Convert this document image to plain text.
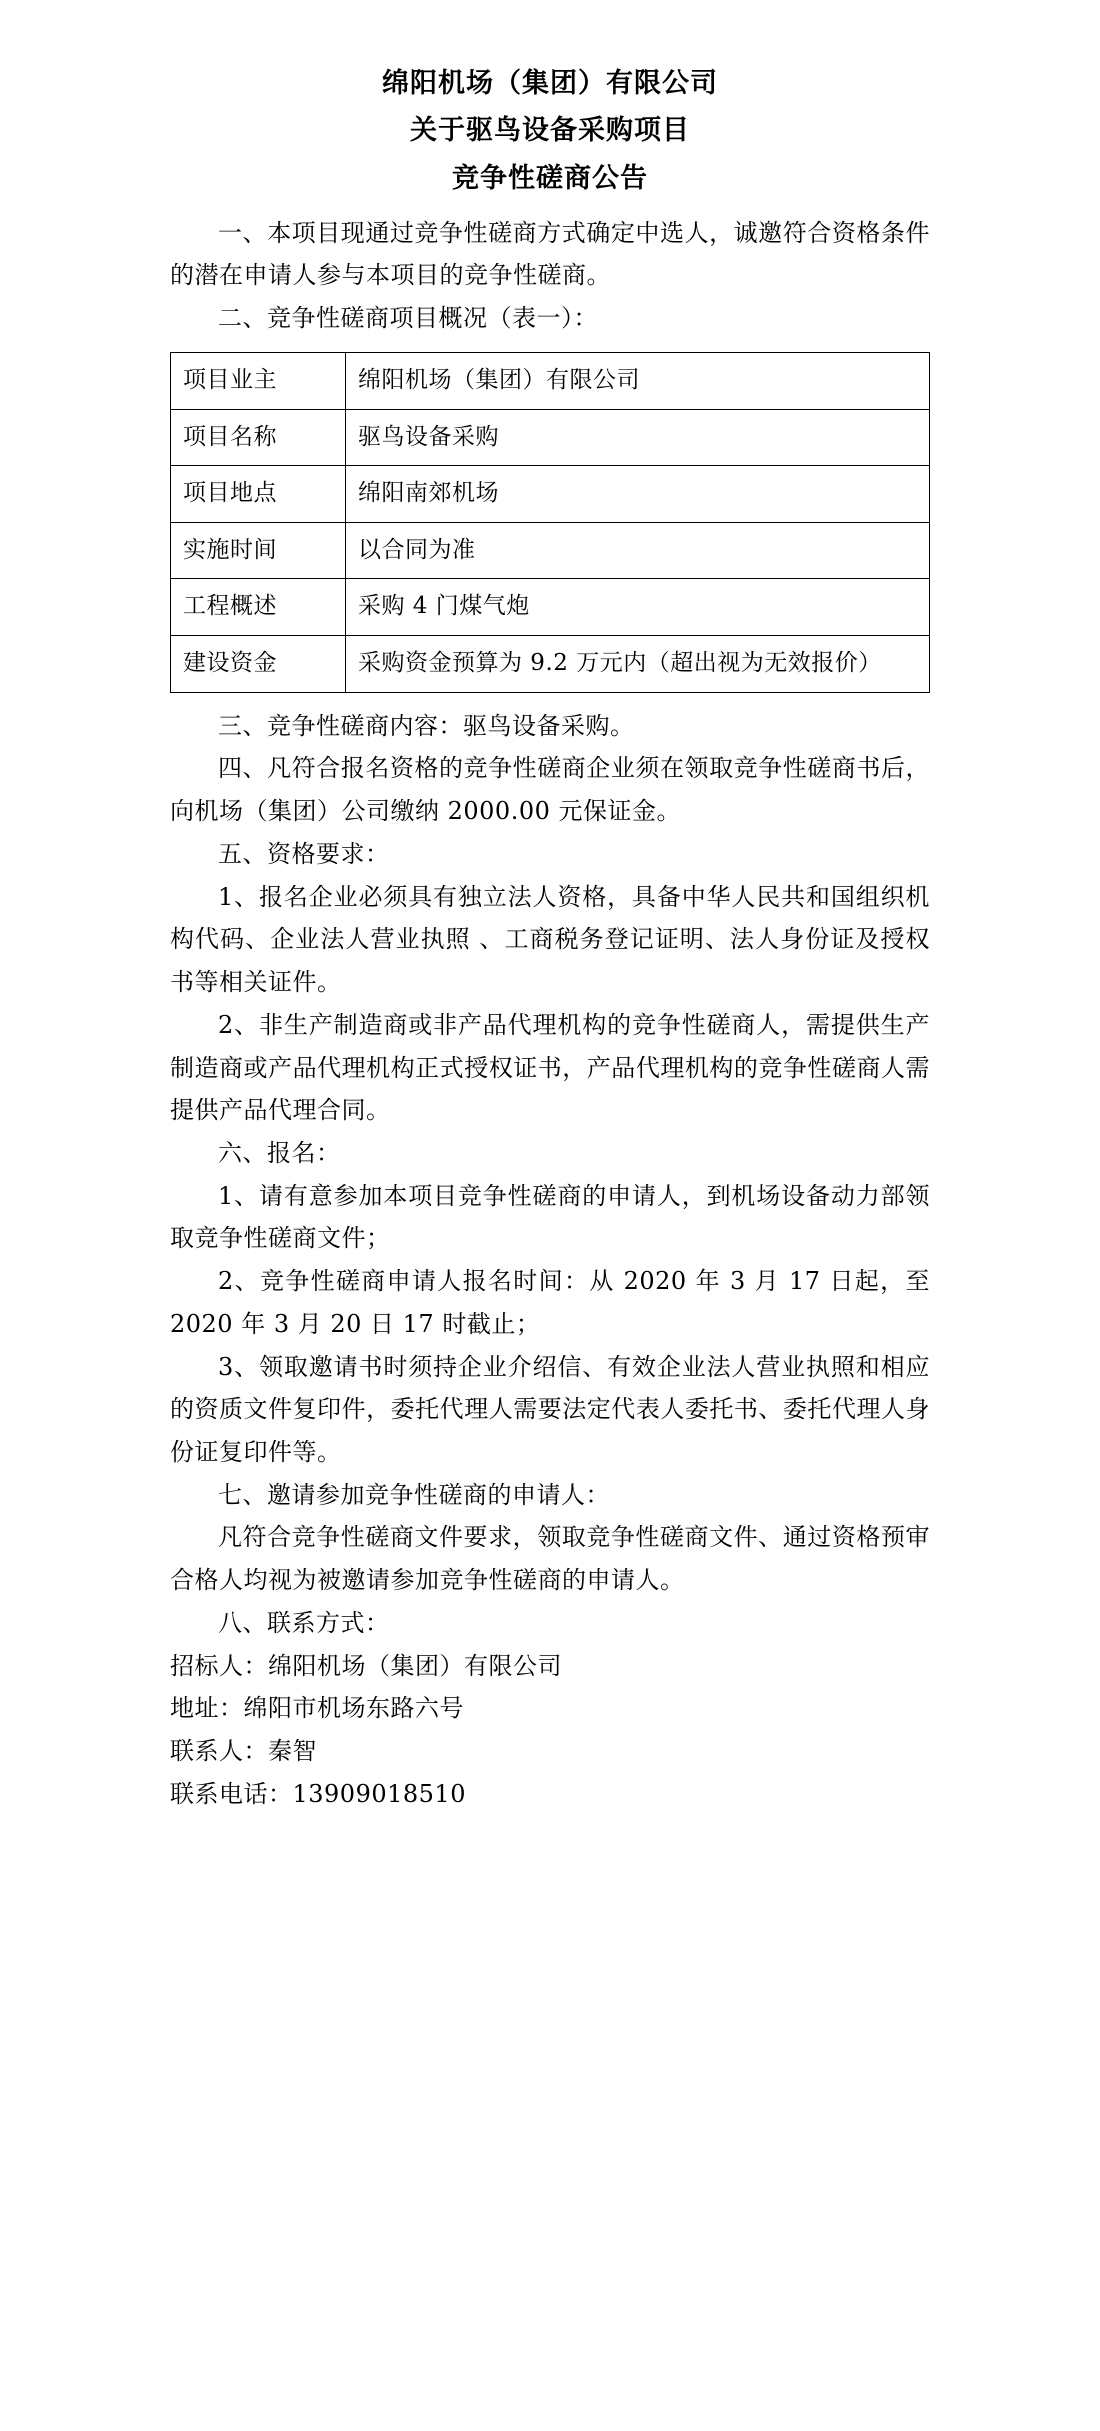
绵阳机场（集团）有限公司
关于驱鸟设备采购项目
竞争性磋商公告

一、本项目现通过竞争性磋商方式确定中选人，诚邀符合资格条件的潜在申请人参与本项目的竞争性磋商。

二、竞争性磋商项目概况（表一）：

项目业主	绵阳机场（集团）有限公司
项目名称	驱鸟设备采购
项目地点	绵阳南郊机场
实施时间	以合同为准
工程概述	采购 4 门煤气炮
建设资金	采购资金预算为 9.2 万元内（超出视为无效报价）

三、竞争性磋商内容：驱鸟设备采购。

四、凡符合报名资格的竞争性磋商企业须在领取竞争性磋商书后，向机场（集团）公司缴纳 2000.00 元保证金。

五、资格要求：

1、报名企业必须具有独立法人资格，具备中华人民共和国组织机构代码、企业法人营业执照 、工商税务登记证明、法人身份证及授权书等相关证件。

2、非生产制造商或非产品代理机构的竞争性磋商人，需提供生产制造商或产品代理机构正式授权证书，产品代理机构的竞争性磋商人需提供产品代理合同。

六、报名：

1、请有意参加本项目竞争性磋商的申请人，到机场设备动力部领取竞争性磋商文件；

2、竞争性磋商申请人报名时间：从 2020 年 3 月 17 日起，至 2020 年 3 月 20 日 17 时截止；

3、领取邀请书时须持企业介绍信、有效企业法人营业执照和相应的资质文件复印件，委托代理人需要法定代表人委托书、委托代理人身份证复印件等。

七、邀请参加竞争性磋商的申请人：

凡符合竞争性磋商文件要求，领取竞争性磋商文件、通过资格预审合格人均视为被邀请参加竞争性磋商的申请人。

八、联系方式：

招标人：绵阳机场（集团）有限公司

地址：绵阳市机场东路六号

联系人：秦智

联系电话：13909018510
